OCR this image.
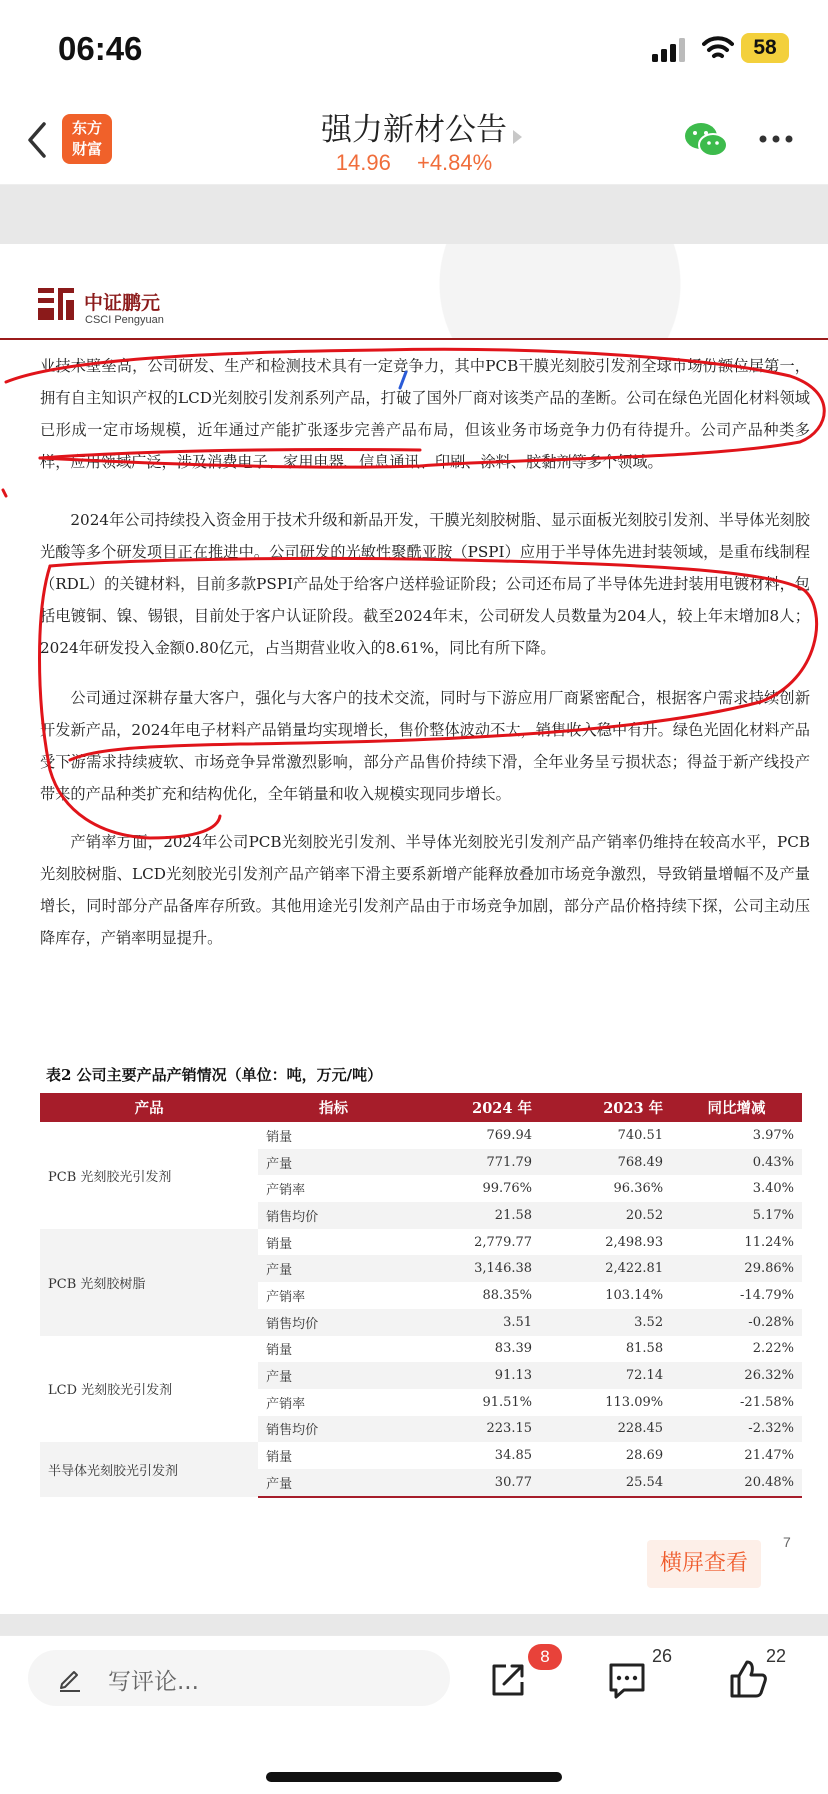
06:46	58
东方
财富
强力新材公告
14.96 +4.84%
中证鹏元
CSCI Pengyuan
业技术壁垒高，公司研发、生产和检测技术具有一定竞争力，其中PCB干膜光刻胶引发剂全球市场份额位居第一，拥有自主知识产权的LCD光刻胶引发剂系列产品，打破了国外厂商对该类产品的垄断。公司在绿色光固化材料领域已形成一定市场规模，近年通过产能扩张逐步完善产品布局，但该业务市场竞争力仍有待提升。公司产品种类多样，应用领域广泛，涉及消费电子、家用电器、信息通讯、印刷、涂料、胶黏剂等多个领域。
2024年公司持续投入资金用于技术升级和新品开发，干膜光刻胶树脂、显示面板光刻胶引发剂、半导体光刻胶光酸等多个研发项目正在推进中。公司研发的光敏性聚酰亚胺（PSPI）应用于半导体先进封装领域，是重布线制程（RDL）的关键材料，目前多款PSPI产品处于给客户送样验证阶段；公司还布局了半导体先进封装用电镀材料，包括电镀铜、镍、锡银，目前处于客户认证阶段。截至2024年末，公司研发人员数量为204人，较上年末增加8人；2024年研发投入金额0.80亿元，占当期营业收入的8.61%，同比有所下降。
公司通过深耕存量大客户，强化与大客户的技术交流，同时与下游应用厂商紧密配合，根据客户需求持续创新开发新产品，2024年电子材料产品销量均实现增长，售价整体波动不大，销售收入稳中有升。绿色光固化材料产品受下游需求持续疲软、市场竞争异常激烈影响，部分产品售价持续下滑，全年业务呈亏损状态；得益于新产线投产带来的产品种类扩充和结构优化，全年销量和收入规模实现同步增长。
产销率方面，2024年公司PCB光刻胶光引发剂、半导体光刻胶光引发剂产品产销率仍维持在较高水平，PCB光刻胶树脂、LCD光刻胶光引发剂产品产销率下滑主要系新增产能释放叠加市场竞争激烈，导致销量增幅不及产量增长，同时部分产品备库存所致。其他用途光引发剂产品由于市场竞争加剧，部分产品价格持续下探，公司主动压降库存，产销率明显提升。
表2 公司主要产品产销情况（单位：吨，万元/吨）
产品	指标	2024 年	2023 年	同比增减
PCB 光刻胶光引发剂	销量	769.94	740.51	3.97%
	产量	771.79	768.49	0.43%
	产销率	99.76%	96.36%	3.40%
	销售均价	21.58	20.52	5.17%
PCB 光刻胶树脂	销量	2,779.77	2,498.93	11.24%
	产量	3,146.38	2,422.81	29.86%
	产销率	88.35%	103.14%	-14.79%
	销售均价	3.51	3.52	-0.28%
LCD 光刻胶光引发剂	销量	83.39	81.58	2.22%
	产量	91.13	72.14	26.32%
	产销率	91.51%	113.09%	-21.58%
	销售均价	223.15	228.45	-2.32%
半导体光刻胶光引发剂	销量	34.85	28.69	21.47%
	产量	30.77	25.54	20.48%
7
横屏查看
写评论...
8	26	22
